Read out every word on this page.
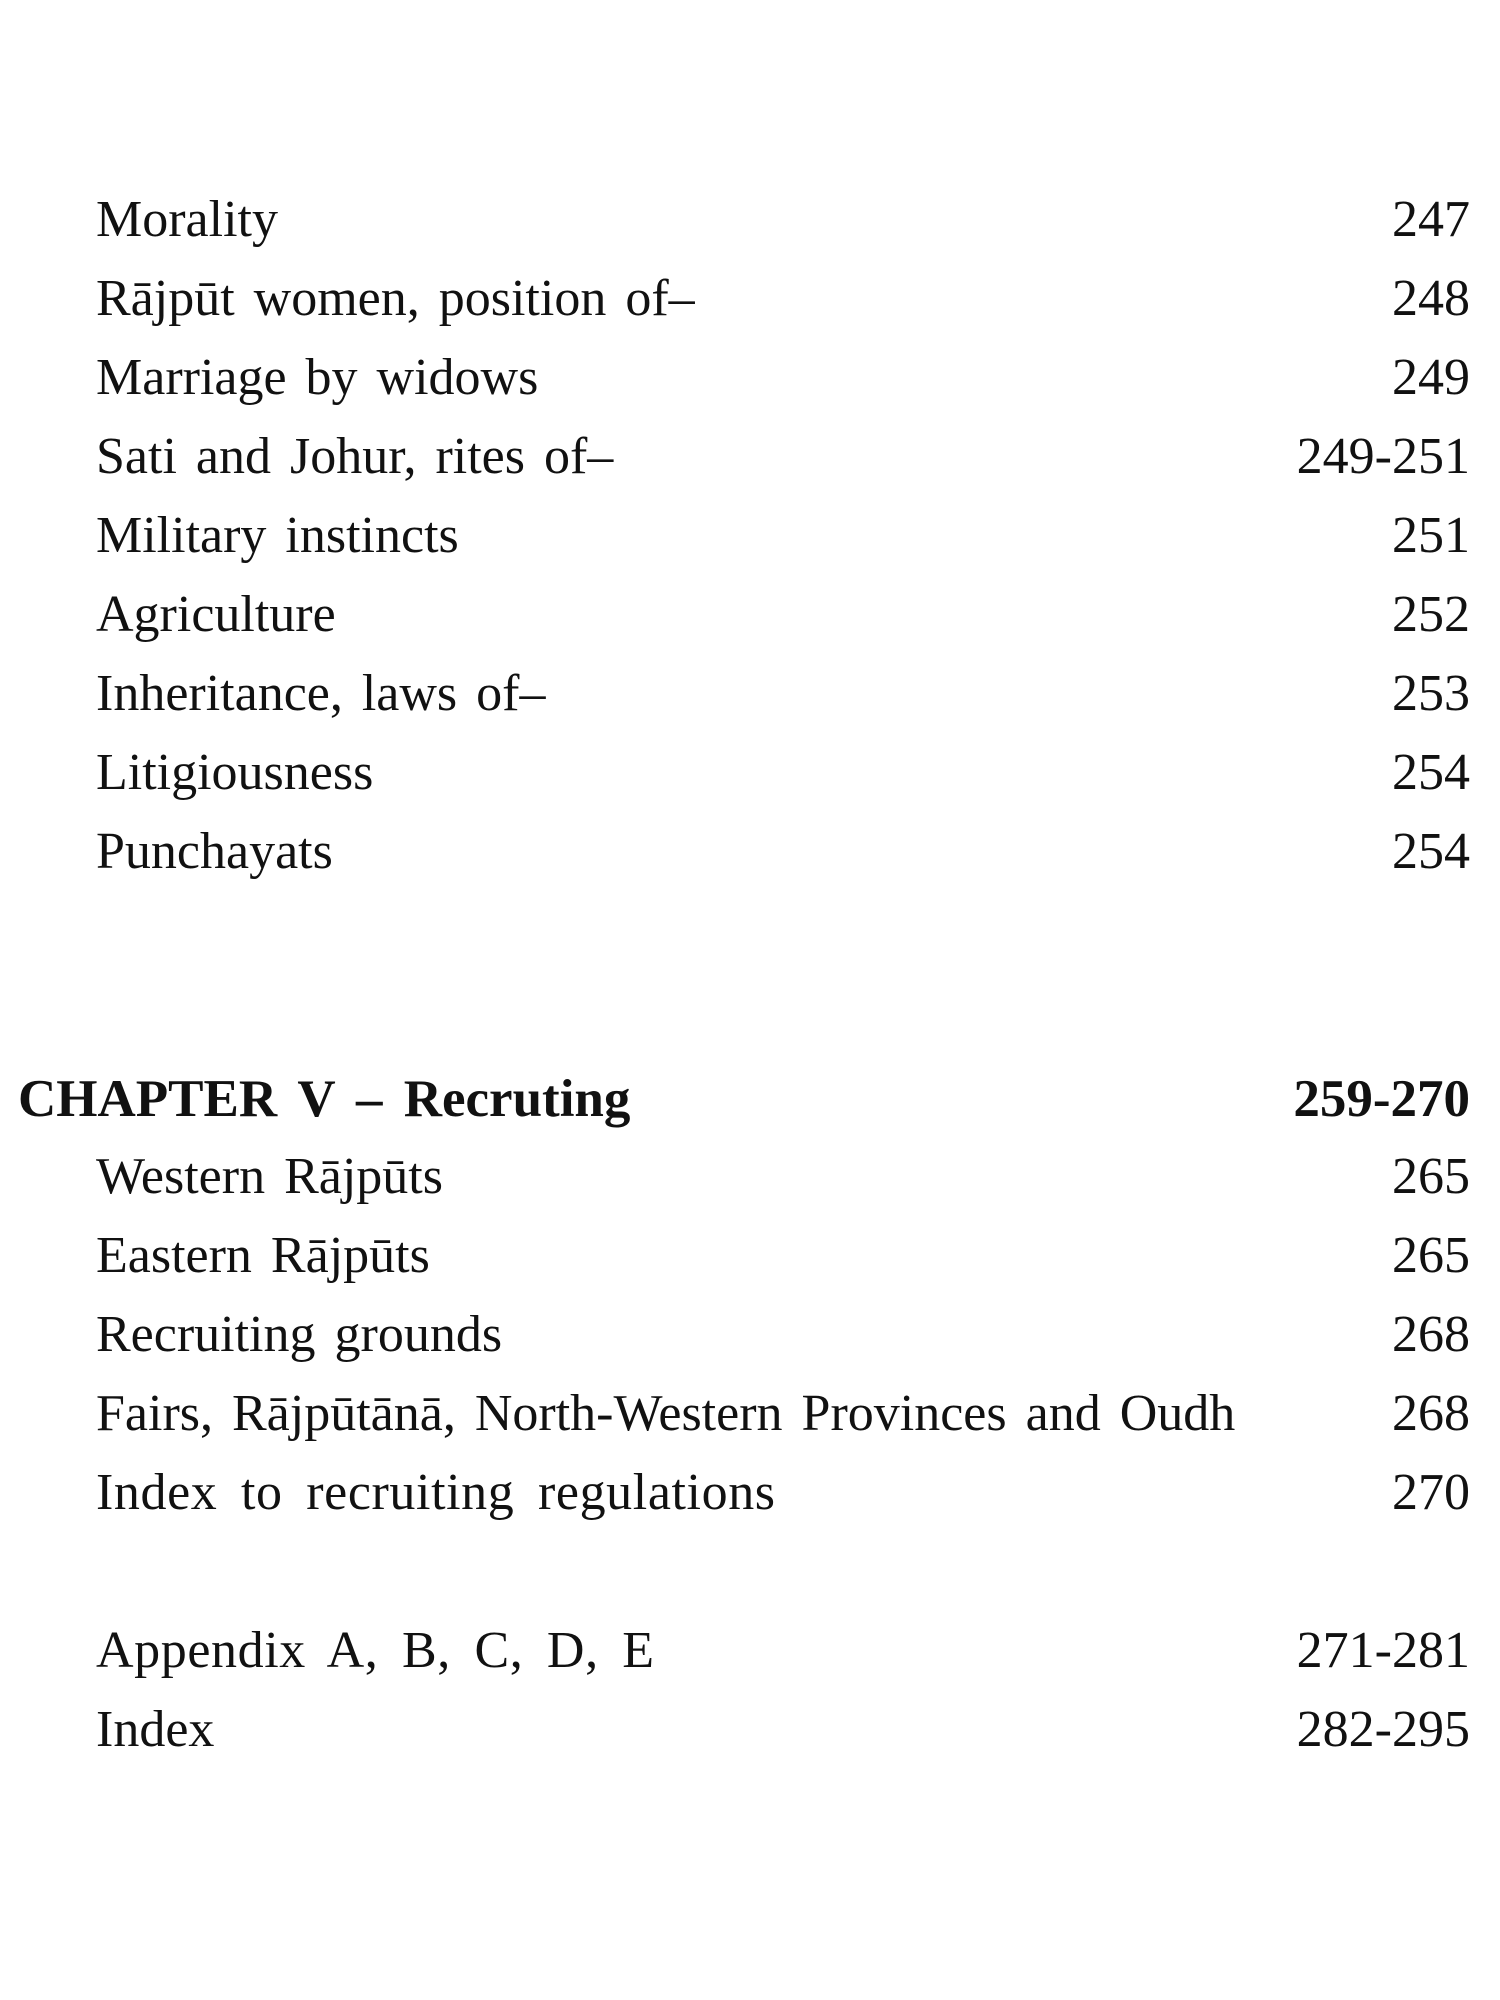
Morality	247
Rājpūt women, position of–	248
Marriage by widows	249
Sati and Johur, rites of–	249-251
Military instincts	251
Agriculture	252
Inheritance, laws of–	253
Litigiousness	254
Punchayats	254
CHAPTER V – Recruting	259-270
Western Rājpūts	265
Eastern Rājpūts	265
Recruiting grounds	268
Fairs, Rājpūtānā, North-Western Provinces and Oudh	268
Index to recruiting regulations	270
Appendix A, B, C, D, E	271-281
Index	282-295
